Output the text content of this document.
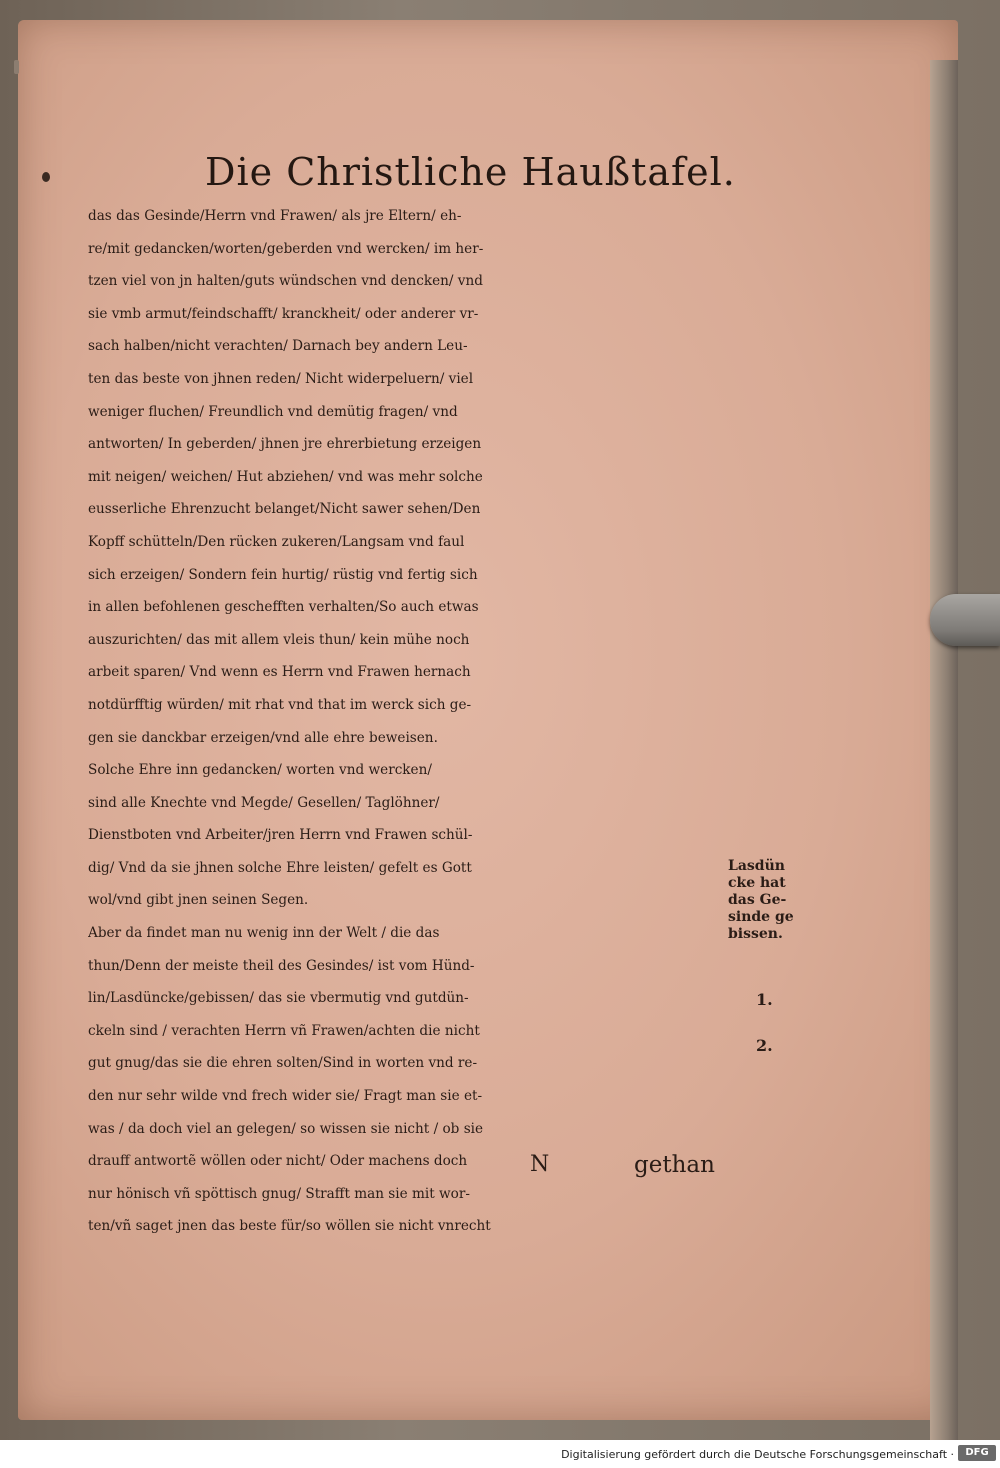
Die Christliche Haußtafel.
das das Gesinde/Herrn vnd Frawen/ als jre Eltern/ eh-
re/mit gedancken/worten/geberden vnd wercken/ im her-
tzen viel von jn halten/guts wündschen vnd dencken/ vnd
sie vmb armut/feindschafft/ kranckheit/ oder anderer vr-
sach halben/nicht verachten/ Darnach bey andern Leu-
ten das beste von jhnen reden/ Nicht widerpeluern/ viel
weniger fluchen/ Freundlich vnd demütig fragen/ vnd
antworten/ In geberden/ jhnen jre ehrerbietung erzeigen
mit neigen/ weichen/ Hut abziehen/ vnd was mehr solche
eusserliche Ehrenzucht belanget/Nicht sawer sehen/Den
Kopff schütteln/Den rücken zukeren/Langsam vnd faul
sich erzeigen/ Sondern fein hurtig/ rüstig vnd fertig sich
in allen befohlenen geschefften verhalten/So auch etwas
auszurichten/ das mit allem vleis thun/ kein mühe noch
arbeit sparen/ Vnd wenn es Herrn vnd Frawen hernach
notdürfftig würden/ mit rhat vnd that im werck sich ge-
gen sie danckbar erzeigen/vnd alle ehre beweisen.
Solche Ehre inn gedancken/ worten vnd wercken/
sind alle Knechte vnd Megde/ Gesellen/ Taglöhner/
Dienstboten vnd Arbeiter/jren Herrn vnd Frawen schül-
dig/ Vnd da sie jhnen solche Ehre leisten/ gefelt es Gott
wol/vnd gibt jnen seinen Segen.
Aber da findet man nu wenig inn der Welt / die das
thun/Denn der meiste theil des Gesindes/ ist vom Hünd-
lin/Lasdüncke/gebissen/ das sie vbermutig vnd gutdün-
ckeln sind / verachten Herrn vñ Frawen/achten die nicht
gut gnug/das sie die ehren solten/Sind in worten vnd re-
den nur sehr wilde vnd frech wider sie/ Fragt man sie et-
was / da doch viel an gelegen/ so wissen sie nicht / ob sie
drauff antwortẽ wöllen oder nicht/ Oder machens doch
nur hönisch vñ spöttisch gnug/ Strafft man sie mit wor-
ten/vñ saget jnen das beste für/so wöllen sie nicht vnrecht
Lasdün
cke hat
das Ge-
sinde ge
bissen.
1.
2.
N	gethan
Digitalisierung gefördert durch die Deutsche Forschungsgemeinschaft ·	DFG
